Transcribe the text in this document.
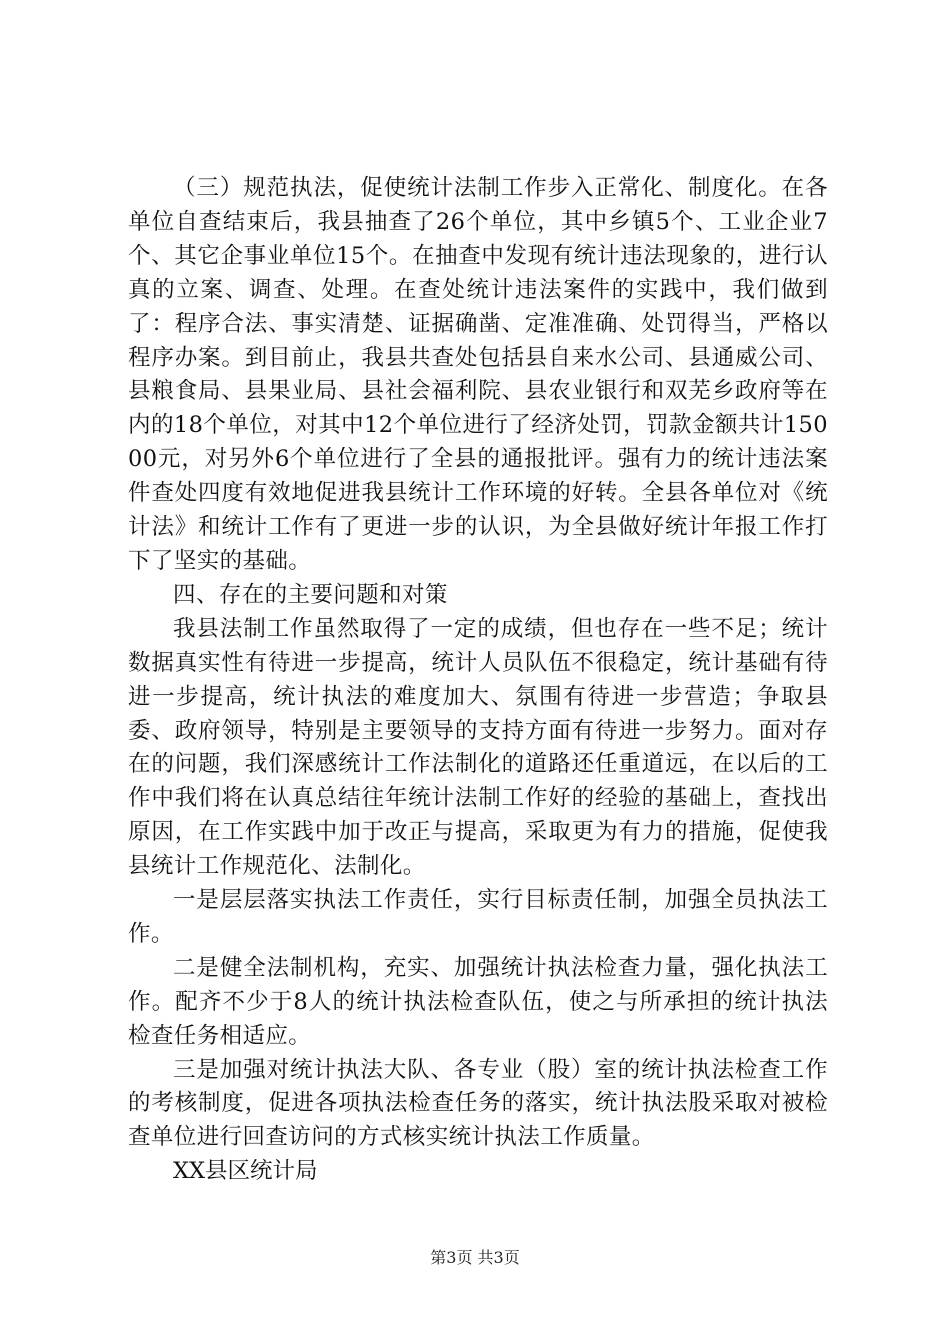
（三）规范执法，促使统计法制工作步入正常化、制度化。在各单位自查结束后，我县抽查了26个单位，其中乡镇5个、工业企业7个、其它企事业单位15个。在抽查中发现有统计违法现象的，进行认真的立案、调查、处理。在查处统计违法案件的实践中，我们做到了：程序合法、事实清楚、证据确凿、定准准确、处罚得当，严格以程序办案。到目前止，我县共查处包括县自来水公司、县通威公司、县粮食局、县果业局、县社会福利院、县农业银行和双芜乡政府等在内的18个单位，对其中12个单位进行了经济处罚，罚款金额共计15000元，对另外6个单位进行了全县的通报批评。强有力的统计违法案件查处四度有效地促进我县统计工作环境的好转。全县各单位对《统计法》和统计工作有了更进一步的认识，为全县做好统计年报工作打下了坚实的基础。

四、存在的主要问题和对策

我县法制工作虽然取得了一定的成绩，但也存在一些不足；统计数据真实性有待进一步提高，统计人员队伍不很稳定，统计基础有待进一步提高，统计执法的难度加大、氛围有待进一步营造；争取县委、政府领导，特别是主要领导的支持方面有待进一步努力。面对存在的问题，我们深感统计工作法制化的道路还任重道远，在以后的工作中我们将在认真总结往年统计法制工作好的经验的基础上，查找出原因，在工作实践中加于改正与提高，采取更为有力的措施，促使我县统计工作规范化、法制化。

一是层层落实执法工作责任，实行目标责任制，加强全员执法工作。

二是健全法制机构，充实、加强统计执法检查力量，强化执法工作。配齐不少于8人的统计执法检查队伍，使之与所承担的统计执法检查任务相适应。

三是加强对统计执法大队、各专业（股）室的统计执法检查工作的考核制度，促进各项执法检查任务的落实，统计执法股采取对被检查单位进行回查访问的方式核实统计执法工作质量。

XX县区统计局

第3页 共3页
